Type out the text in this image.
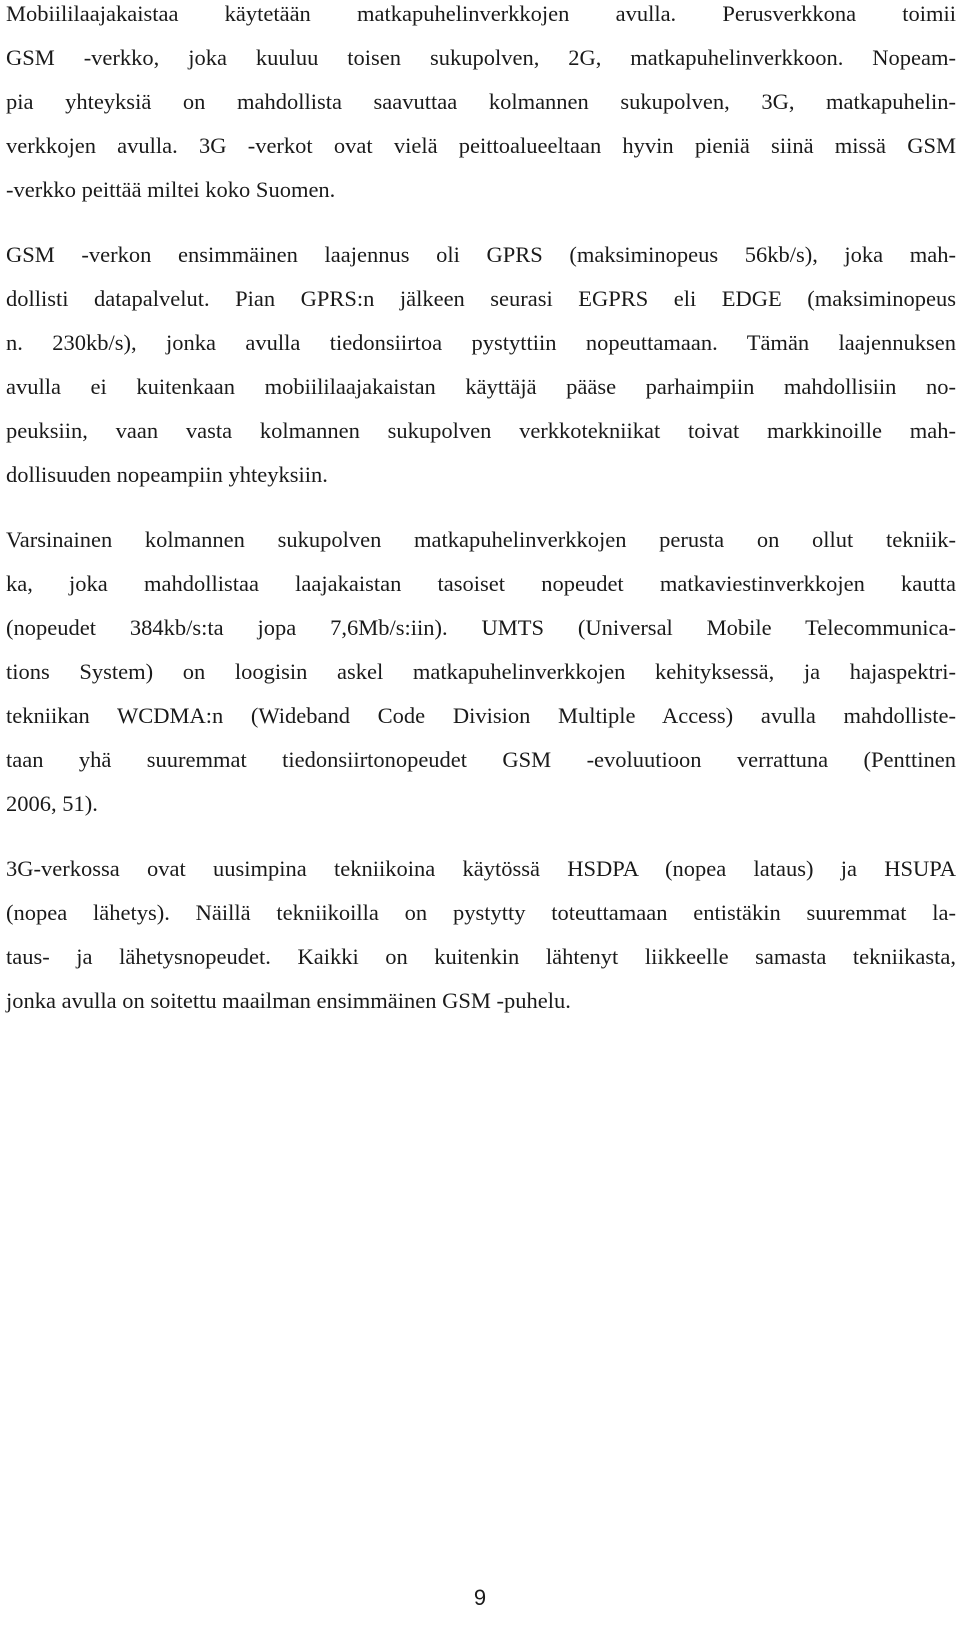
Mobiililaajakaistaa käytetään matkapuhelinverkkojen avulla. Perusverkkona toimii
GSM -verkko, joka kuuluu toisen sukupolven, 2G, matkapuhelinverkkoon. Nopeam-
pia yhteyksiä on mahdollista saavuttaa kolmannen sukupolven, 3G, matkapuhelin-
verkkojen avulla. 3G -verkot ovat vielä peittoalueeltaan hyvin pieniä siinä missä GSM
-verkko peittää miltei koko Suomen.
GSM -verkon ensimmäinen laajennus oli GPRS (maksiminopeus 56kb/s), joka mah-
dollisti datapalvelut. Pian GPRS:n jälkeen seurasi EGPRS eli EDGE (maksiminopeus
n. 230kb/s), jonka avulla tiedonsiirtoa pystyttiin nopeuttamaan. Tämän laajennuksen
avulla ei kuitenkaan mobiililaajakaistan käyttäjä pääse parhaimpiin mahdollisiin no-
peuksiin, vaan vasta kolmannen sukupolven verkkotekniikat toivat markkinoille mah-
dollisuuden nopeampiin yhteyksiin.
Varsinainen kolmannen sukupolven matkapuhelinverkkojen perusta on ollut tekniik-
ka, joka mahdollistaa laajakaistan tasoiset nopeudet matkaviestinverkkojen kautta
(nopeudet 384kb/s:ta jopa 7,6Mb/s:iin). UMTS (Universal Mobile Telecommunica-
tions System) on loogisin askel matkapuhelinverkkojen kehityksessä, ja hajaspektri-
tekniikan WCDMA:n (Wideband Code Division Multiple Access) avulla mahdolliste-
taan yhä suuremmat tiedonsiirtonopeudet GSM -evoluutioon verrattuna (Penttinen
2006, 51).
3G-verkossa ovat uusimpina tekniikoina käytössä HSDPA (nopea lataus) ja HSUPA
(nopea lähetys). Näillä tekniikoilla on pystytty toteuttamaan entistäkin suuremmat la-
taus- ja lähetysnopeudet. Kaikki on kuitenkin lähtenyt liikkeelle samasta tekniikasta,
jonka avulla on soitettu maailman ensimmäinen GSM -puhelu.
9
